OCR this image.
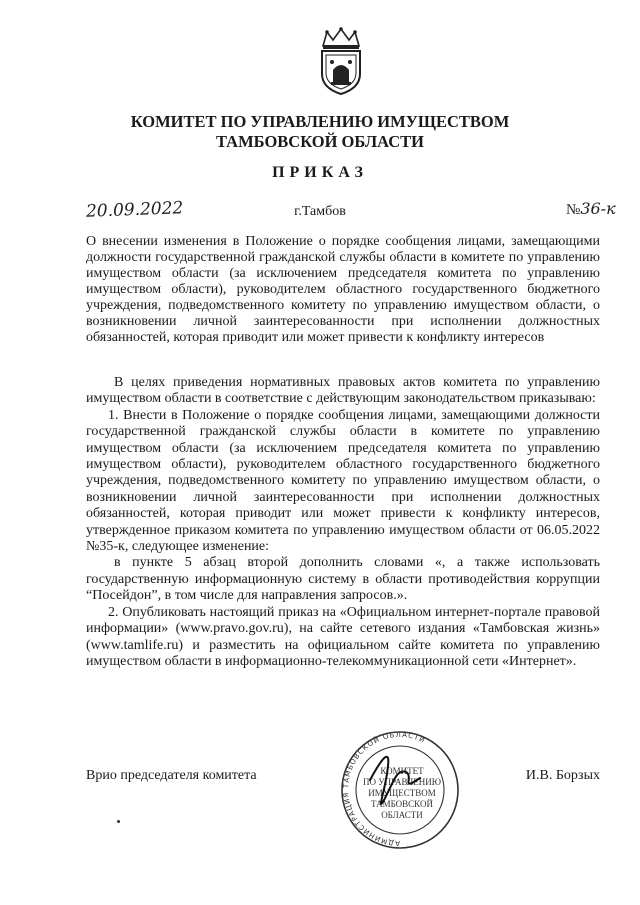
КОМИТЕТ ПО УПРАВЛЕНИЮ ИМУЩЕСТВОМ
ТАМБОВСКОЙ ОБЛАСТИ
ПРИКАЗ
20.09.2022	г.Тамбов	№36-к
О внесении изменения в Положение о порядке сообщения лицами, замещающими должности государственной гражданской службы области в комитете по управлению имуществом области (за исключением председателя комитета по управлению имуществом области), руководителем областного государственного бюджетного учреждения, подведомственного комитету по управлению имуществом области, о возникновении личной заинтересованности при исполнении должностных обязанностей, которая приводит или может привести к конфликту интересов

В целях приведения нормативных правовых актов комитета по управлению имуществом области в соответствие с действующим законодательством приказываю:

1. Внести в Положение о порядке сообщения лицами, замещающими должности государственной гражданской службы области в комитете по управлению имуществом области (за исключением председателя комитета по управлению имуществом области), руководителем областного государственного бюджетного учреждения, подведомственного комитету по управлению имуществом области, о возникновении личной заинтересованности при исполнении должностных обязанностей, которая приводит или может привести к конфликту интересов, утвержденное приказом комитета по управлению имуществом области от 06.05.2022 №35-к, следующее изменение:

в пункте 5 абзац второй дополнить словами «, а также использовать государственную информационную систему в области противодействия коррупции “Посейдон”, в том числе для направления запросов.».

2. Опубликовать настоящий приказ на «Официальном интернет-портале правовой информации» (www.pravo.gov.ru), на сайте сетевого издания «Тамбовская жизнь» (www.tamlife.ru) и разместить на официальном сайте комитета по управлению имуществом области в информационно-телекоммуникационной сети «Интернет».

Врио председателя комитета	И.В. Борзых
АДМИНИСТРАЦИЯ ТАМБОВСКОЙ ОБЛАСТИ
КОМИТЕТ
ПО УПРАВЛЕНИЮ
ИМУЩЕСТВОМ
ТАМБОВСКОЙ
ОБЛАСТИ
